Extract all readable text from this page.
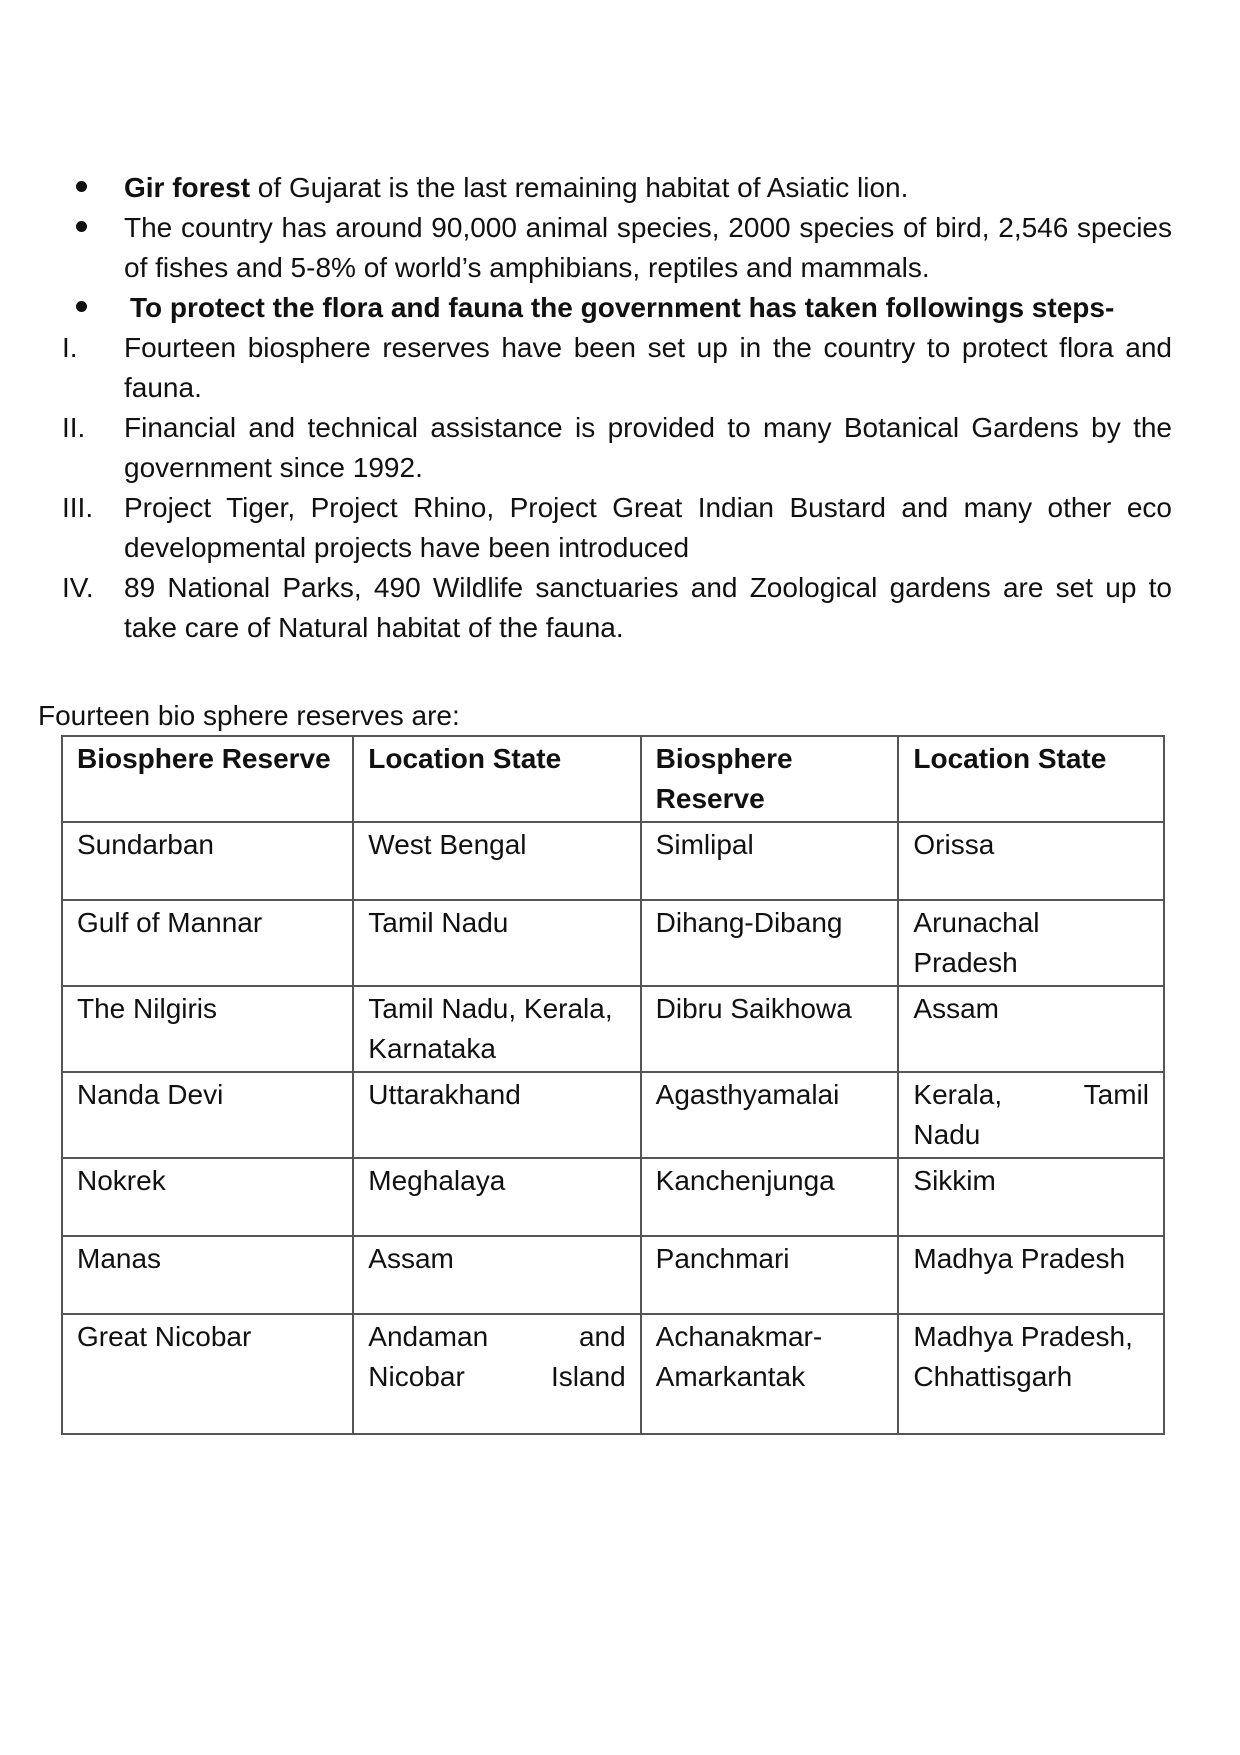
Gir forest of Gujarat is the last remaining habitat of Asiatic lion.
The country has around 90,000 animal species, 2000 species of bird, 2,546 species of fishes and 5-8% of world’s amphibians, reptiles and mammals.
To protect the flora and fauna the government has taken followings steps-
I.	Fourteen biosphere reserves have been set up in the country to protect flora and fauna.
II.	Financial and technical assistance is provided to many Botanical Gardens by the government since 1992.
III.	Project Tiger, Project Rhino, Project Great Indian Bustard and many other eco developmental projects have been introduced
IV.	89 National Parks, 490 Wildlife sanctuaries and Zoological gardens are set up to take care of Natural habitat of the fauna.
Fourteen bio sphere reserves are:
Biosphere Reserve	Location State	Biosphere Reserve	Location State
Sundarban	West Bengal	Simlipal	Orissa
Gulf of Mannar	Tamil Nadu	Dihang-Dibang	Arunachal Pradesh
The Nilgiris	Tamil Nadu, Kerala, Karnataka	Dibru Saikhowa	Assam
Nanda Devi	Uttarakhand	Agasthyamalai	Kerala, Tamil Nadu
Nokrek	Meghalaya	Kanchenjunga	Sikkim
Manas	Assam	Panchmari	Madhya Pradesh
Great Nicobar	Andaman and Nicobar Island	Achanakmar-Amarkantak	Madhya Pradesh, Chhattisgarh
